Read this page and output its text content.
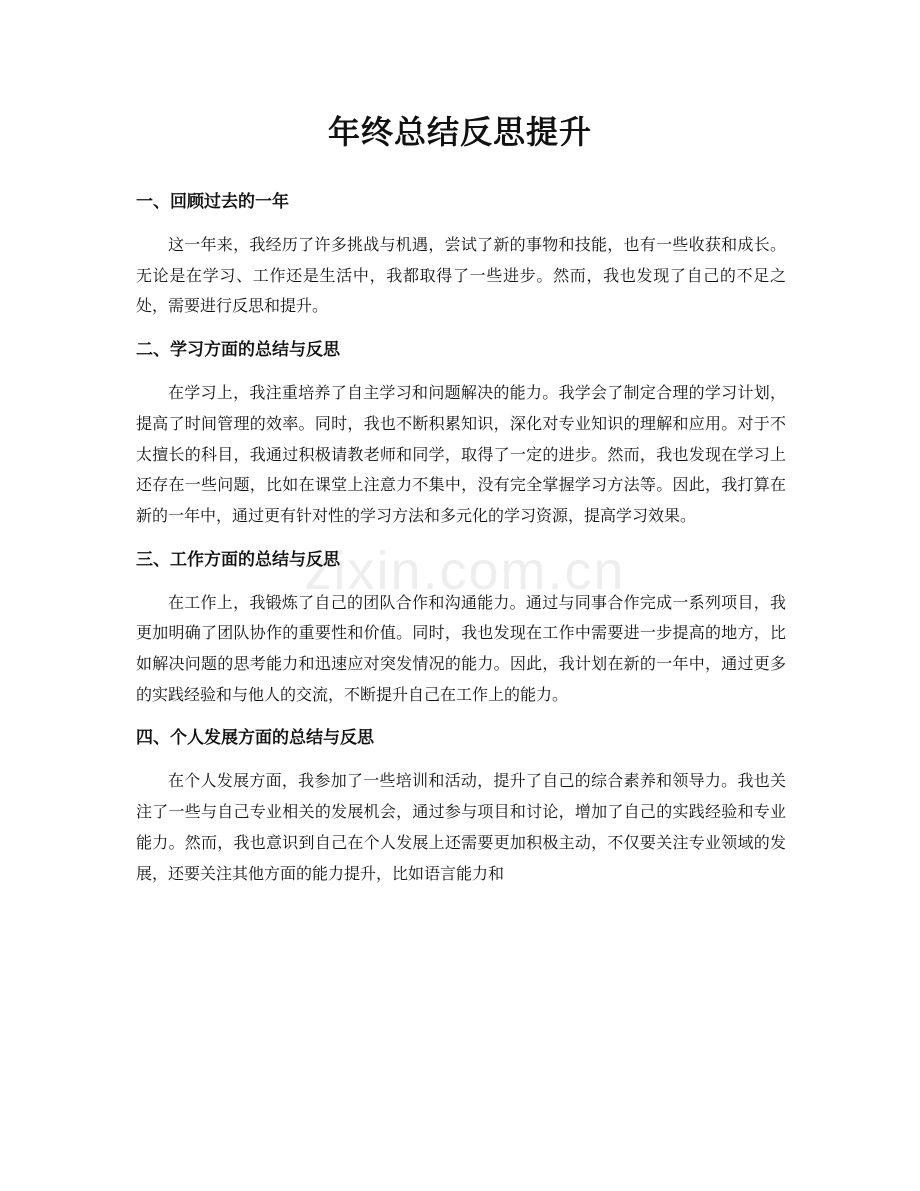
年终总结反思提升
zixin.com.cn
一、回顾过去的一年

这一年来，我经历了许多挑战与机遇，尝试了新的事物和技能，也有一些收获和成长。无论是在学习、工作还是生活中，我都取得了一些进步。然而，我也发现了自己的不足之处，需要进行反思和提升。

二、学习方面的总结与反思

在学习上，我注重培养了自主学习和问题解决的能力。我学会了制定合理的学习计划，提高了时间管理的效率。同时，我也不断积累知识，深化对专业知识的理解和应用。对于不太擅长的科目，我通过积极请教老师和同学，取得了一定的进步。然而，我也发现在学习上还存在一些问题，比如在课堂上注意力不集中，没有完全掌握学习方法等。因此，我打算在新的一年中，通过更有针对性的学习方法和多元化的学习资源，提高学习效果。

三、工作方面的总结与反思

在工作上，我锻炼了自己的团队合作和沟通能力。通过与同事合作完成一系列项目，我更加明确了团队协作的重要性和价值。同时，我也发现在工作中需要进一步提高的地方，比如解决问题的思考能力和迅速应对突发情况的能力。因此，我计划在新的一年中，通过更多的实践经验和与他人的交流，不断提升自己在工作上的能力。

四、个人发展方面的总结与反思

在个人发展方面，我参加了一些培训和活动，提升了自己的综合素养和领导力。我也关注了一些与自己专业相关的发展机会，通过参与项目和讨论，增加了自己的实践经验和专业能力。然而，我也意识到自己在个人发展上还需要更加积极主动，不仅要关注专业领域的发展，还要关注其他方面的能力提升，比如语言能力和
